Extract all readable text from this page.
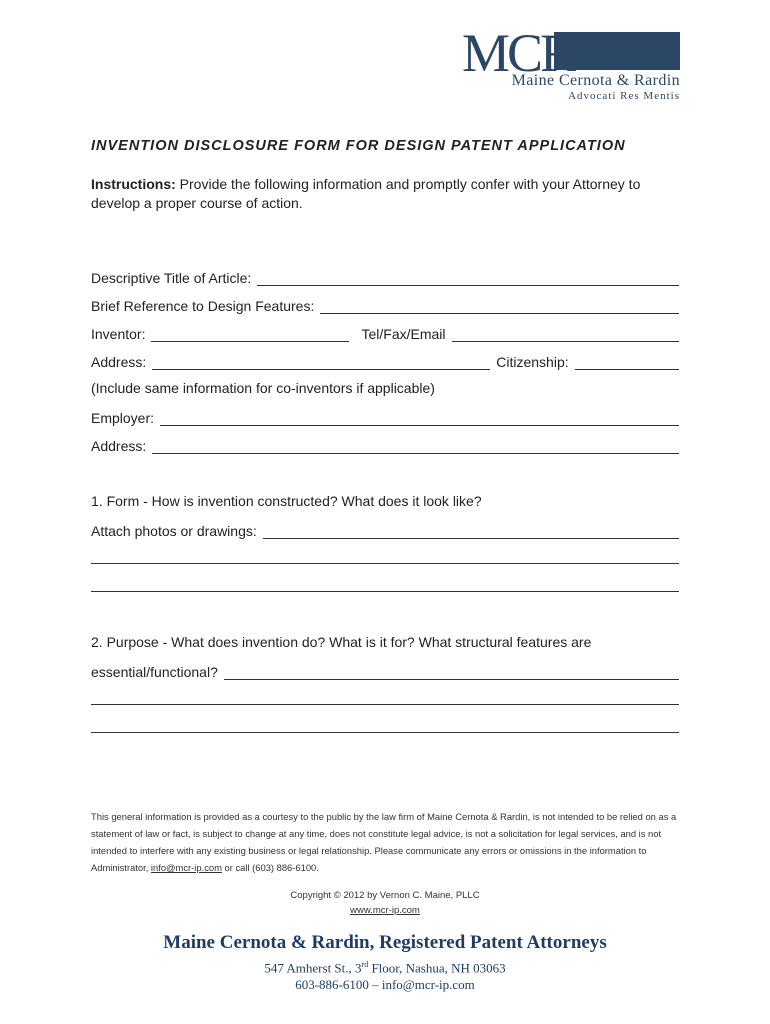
MCR
Maine Cernota & Rardin
Advocati Res Mentis
INVENTION DISCLOSURE FORM FOR DESIGN PATENT APPLICATION
Instructions: Provide the following information and promptly confer with your Attorney to develop a proper course of action.
Descriptive Title of Article:
Brief Reference to Design Features:
Inventor:	Tel/Fax/Email
Address:	Citizenship:
(Include same information for co-inventors if applicable)
Employer:
Address:
1. Form - How is invention constructed? What does it look like?
Attach photos or drawings:
2. Purpose - What does invention do? What is it for? What structural features are
essential/functional?
This general information is provided as a courtesy to the public by the law firm of Maine Cernota & Rardin, is not intended to be relied on as a statement of law or fact, is subject to change at any time, does not constitute legal advice, is not a solicitation for legal services, and is not intended to interfere with any existing business or legal relationship. Please communicate any errors or omissions in the information to Administrator, info@mcr-ip.com or call (603) 886-6100.
Copyright © 2012 by Vernon C. Maine, PLLC
www.mcr-ip.com
Maine Cernota & Rardin, Registered Patent Attorneys
547 Amherst St., 3rd Floor, Nashua, NH 03063
603-886-6100 – info@mcr-ip.com
